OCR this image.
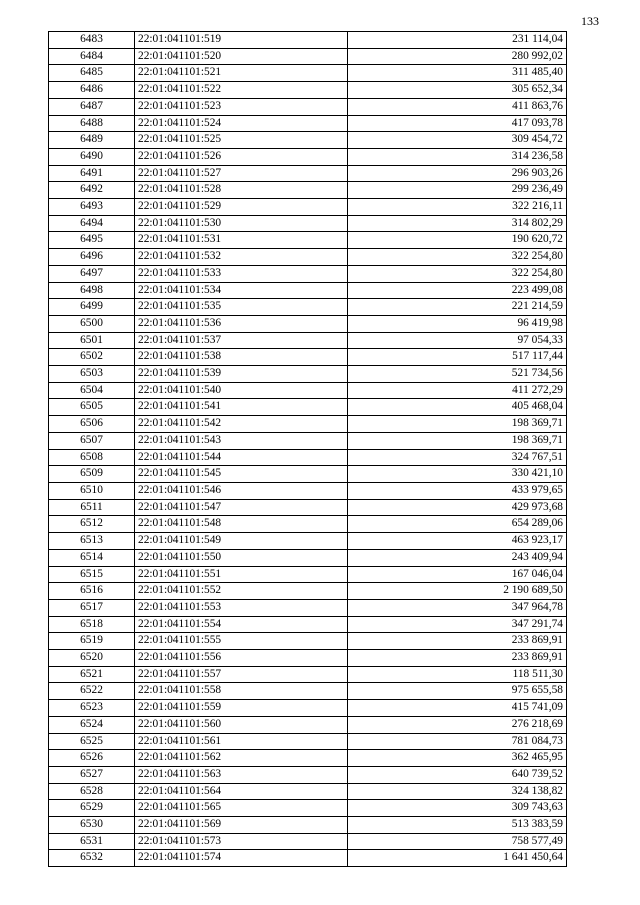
133
6483	22:01:041101:519	231 114,04
6484	22:01:041101:520	280 992,02
6485	22:01:041101:521	311 485,40
6486	22:01:041101:522	305 652,34
6487	22:01:041101:523	411 863,76
6488	22:01:041101:524	417 093,78
6489	22:01:041101:525	309 454,72
6490	22:01:041101:526	314 236,58
6491	22:01:041101:527	296 903,26
6492	22:01:041101:528	299 236,49
6493	22:01:041101:529	322 216,11
6494	22:01:041101:530	314 802,29
6495	22:01:041101:531	190 620,72
6496	22:01:041101:532	322 254,80
6497	22:01:041101:533	322 254,80
6498	22:01:041101:534	223 499,08
6499	22:01:041101:535	221 214,59
6500	22:01:041101:536	96 419,98
6501	22:01:041101:537	97 054,33
6502	22:01:041101:538	517 117,44
6503	22:01:041101:539	521 734,56
6504	22:01:041101:540	411 272,29
6505	22:01:041101:541	405 468,04
6506	22:01:041101:542	198 369,71
6507	22:01:041101:543	198 369,71
6508	22:01:041101:544	324 767,51
6509	22:01:041101:545	330 421,10
6510	22:01:041101:546	433 979,65
6511	22:01:041101:547	429 973,68
6512	22:01:041101:548	654 289,06
6513	22:01:041101:549	463 923,17
6514	22:01:041101:550	243 409,94
6515	22:01:041101:551	167 046,04
6516	22:01:041101:552	2 190 689,50
6517	22:01:041101:553	347 964,78
6518	22:01:041101:554	347 291,74
6519	22:01:041101:555	233 869,91
6520	22:01:041101:556	233 869,91
6521	22:01:041101:557	118 511,30
6522	22:01:041101:558	975 655,58
6523	22:01:041101:559	415 741,09
6524	22:01:041101:560	276 218,69
6525	22:01:041101:561	781 084,73
6526	22:01:041101:562	362 465,95
6527	22:01:041101:563	640 739,52
6528	22:01:041101:564	324 138,82
6529	22:01:041101:565	309 743,63
6530	22:01:041101:569	513 383,59
6531	22:01:041101:573	758 577,49
6532	22:01:041101:574	1 641 450,64
